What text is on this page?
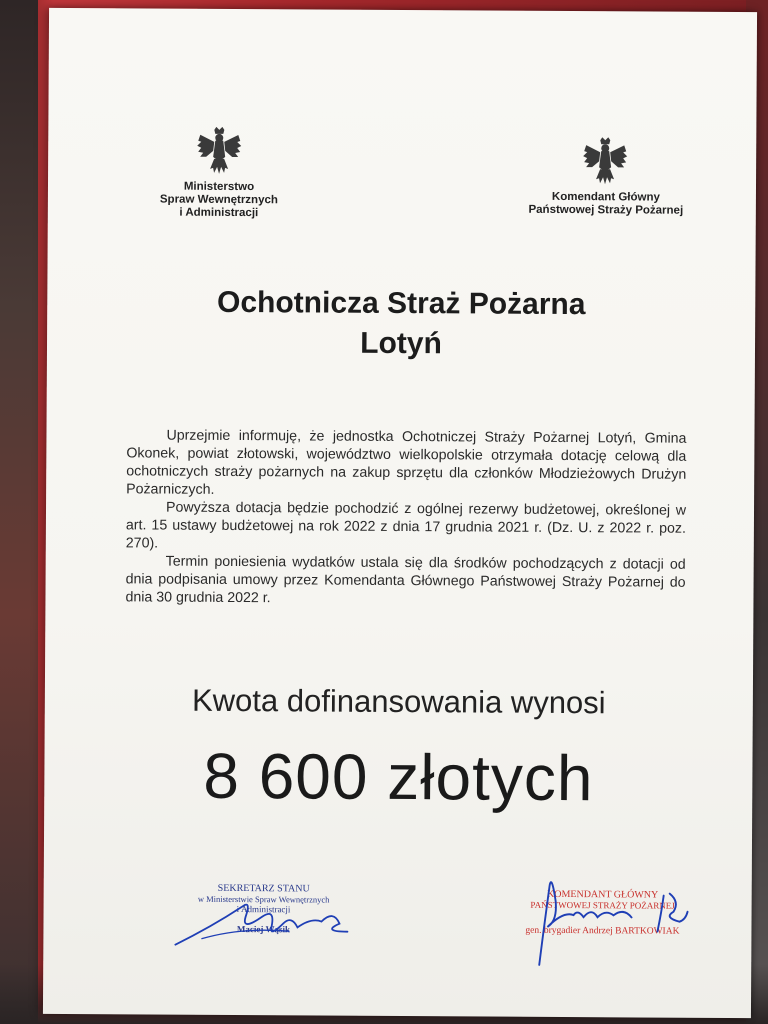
Ministerstwo
Spraw Wewnętrznych
i Administracji
Komendant Główny
Państwowej Straży Pożarnej
Ochotnicza Straż Pożarna
Lotyń

Uprzejmie informuję, że jednostka Ochotniczej Straży Pożarnej Lotyń, Gmina Okonek, powiat złotowski, województwo wielkopolskie otrzymała dotację celową dla ochotniczych straży pożarnych na zakup sprzętu dla członków Młodzieżowych Drużyn Pożarniczych.

Powyższa dotacja będzie pochodzić z ogólnej rezerwy budżetowej, określonej w art. 15 ustawy budżetowej na rok 2022 z dnia 17 grudnia 2021 r. (Dz. U. z 2022 r. poz. 270).

Termin poniesienia wydatków ustala się dla środków pochodzących z dotacji od dnia podpisania umowy przez Komendanta Głównego Państwowej Straży Pożarnej do dnia 30 grudnia 2022 r.

Kwota dofinansowania wynosi
8 600 złotych
SEKRETARZ STANU
w Ministerstwie Spraw Wewnętrznych
i Administracji
Maciej Wąsik
KOMENDANT GŁÓWNY
PAŃSTWOWEJ STRAŻY POŻARNEJ
gen. brygadier Andrzej BARTKOWIAK
